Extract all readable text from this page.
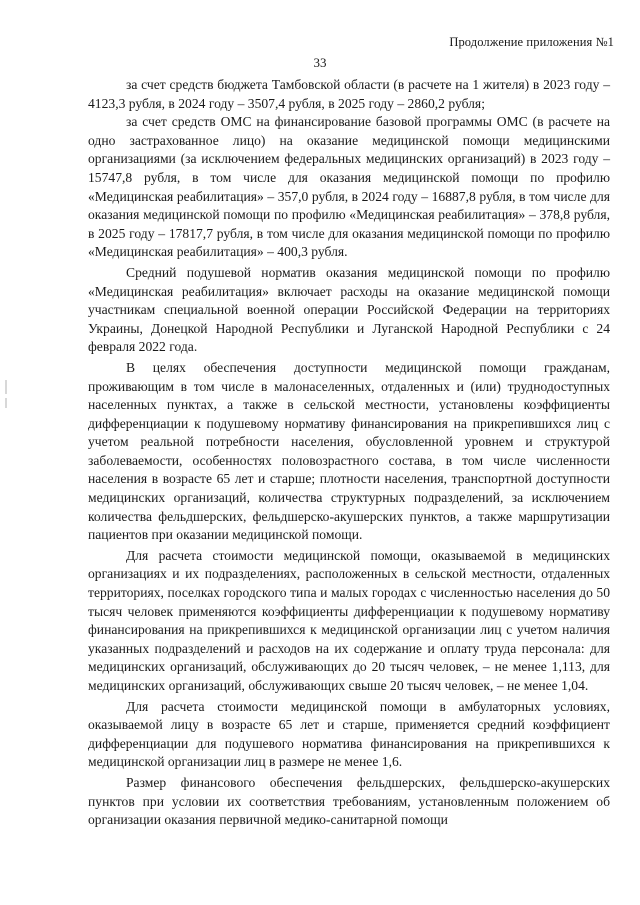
Продолжение приложения №1
33

за счет средств бюджета Тамбовской области (в расчете на 1 жителя) в 2023 году – 4123,3 рубля, в 2024 году – 3507,4 рубля, в 2025 году – 2860,2 рубля;

за счет средств ОМС на финансирование базовой программы ОМС (в расчете на одно застрахованное лицо) на оказание медицинской помощи медицинскими организациями (за исключением федеральных медицинских организаций) в 2023 году – 15747,8 рубля, в том числе для оказания медицинской помощи по профилю «Медицинская реабилитация» – 357,0 рубля, в 2024 году – 16887,8 рубля, в том числе для оказания медицинской помощи по профилю «Медицинская реабилитация» – 378,8 рубля, в 2025 году – 17817,7 рубля, в том числе для оказания медицинской помощи по профилю «Медицинская реабилитация» – 400,3 рубля.

Средний подушевой норматив оказания медицинской помощи по профилю «Медицинская реабилитация» включает расходы на оказание медицинской помощи участникам специальной военной операции Российской Федерации на территориях Украины, Донецкой Народной Республики и Луганской Народной Республики с 24 февраля 2022 года.

В целях обеспечения доступности медицинской помощи гражданам, проживающим в том числе в малонаселенных, отдаленных и (или) труднодоступных населенных пунктах, а также в сельской местности, установлены коэффициенты дифференциации к подушевому нормативу финансирования на прикрепившихся лиц с учетом реальной потребности населения, обусловленной уровнем и структурой заболеваемости, особенностях половозрастного состава, в том числе численности населения в возрасте 65 лет и старше; плотности населения, транспортной доступности медицинских организаций, количества структурных подразделений, за исключением количества фельдшерских, фельдшерско-акушерских пунктов, а также маршрутизации пациентов при оказании медицинской помощи.

Для расчета стоимости медицинской помощи, оказываемой в медицинских организациях и их подразделениях, расположенных в сельской местности, отдаленных территориях, поселках городского типа и малых городах с численностью населения до 50 тысяч человек применяются коэффициенты дифференциации к подушевому нормативу финансирования на прикрепившихся к медицинской организации лиц с учетом наличия указанных подразделений и расходов на их содержание и оплату труда персонала: для медицинских организаций, обслуживающих до 20 тысяч человек, – не менее 1,113, для медицинских организаций, обслуживающих свыше 20 тысяч человек, – не менее 1,04.

Для расчета стоимости медицинской помощи в амбулаторных условиях, оказываемой лицу в возрасте 65 лет и старше, применяется средний коэффициент дифференциации для подушевого норматива финансирования на прикрепившихся к медицинской организации лиц в размере не менее 1,6.

Размер финансового обеспечения фельдшерских, фельдшерско-акушерских пунктов при условии их соответствия требованиям, установленным положением об организации оказания первичной медико-санитарной помощи
